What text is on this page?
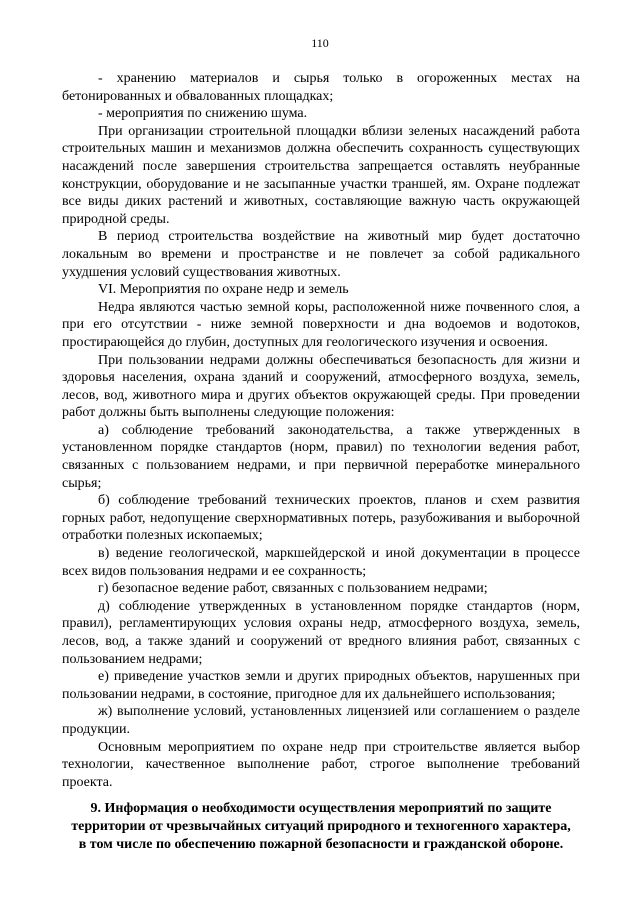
110

- хранению материалов и сырья только в огороженных местах на бетонированных и обвалованных площадках;

- мероприятия по снижению шума.

При организации строительной площадки вблизи зеленых насаждений работа строительных машин и механизмов должна обеспечить сохранность существующих насаждений после завершения строительства запрещается оставлять неубранные конструкции, оборудование и не засыпанные участки траншей, ям. Охране подлежат все виды диких растений и животных, составляющие важную часть окружающей природной среды.

В период строительства воздействие на животный мир будет достаточно локальным во времени и пространстве и не повлечет за собой радикального ухудшения условий существования животных.

VI. Мероприятия по охране недр и земель

Недра являются частью земной коры, расположенной ниже почвенного слоя, а при его отсутствии - ниже земной поверхности и дна водоемов и водотоков, простирающейся до глубин, доступных для геологического изучения и освоения.

При пользовании недрами должны обеспечиваться безопасность для жизни и здоровья населения, охрана зданий и сооружений, атмосферного воздуха, земель, лесов, вод, животного мира и других объектов окружающей среды. При проведении работ должны быть выполнены следующие положения:

а) соблюдение требований законодательства, а также утвержденных в установленном порядке стандартов (норм, правил) по технологии ведения работ, связанных с пользованием недрами, и при первичной переработке минерального сырья;

б) соблюдение требований технических проектов, планов и схем развития горных работ, недопущение сверхнормативных потерь, разубоживания и выборочной отработки полезных ископаемых;

в) ведение геологической, маркшейдерской и иной документации в процессе всех видов пользования недрами и ее сохранность;

г) безопасное ведение работ, связанных с пользованием недрами;

д) соблюдение утвержденных в установленном порядке стандартов (норм, правил), регламентирующих условия охраны недр, атмосферного воздуха, земель, лесов, вод, а также зданий и сооружений от вредного влияния работ, связанных с пользованием недрами;

е) приведение участков земли и других природных объектов, нарушенных при пользовании недрами, в состояние, пригодное для их дальнейшего использования;

ж) выполнение условий, установленных лицензией или соглашением о разделе продукции.

Основным мероприятием по охране недр при строительстве является выбор технологии, качественное выполнение работ, строгое выполнение требований проекта.

9. Информация о необходимости осуществления мероприятий по защите
территории от чрезвычайных ситуаций природного и техногенного характера,
в том числе по обеспечению пожарной безопасности и гражданской обороне.
